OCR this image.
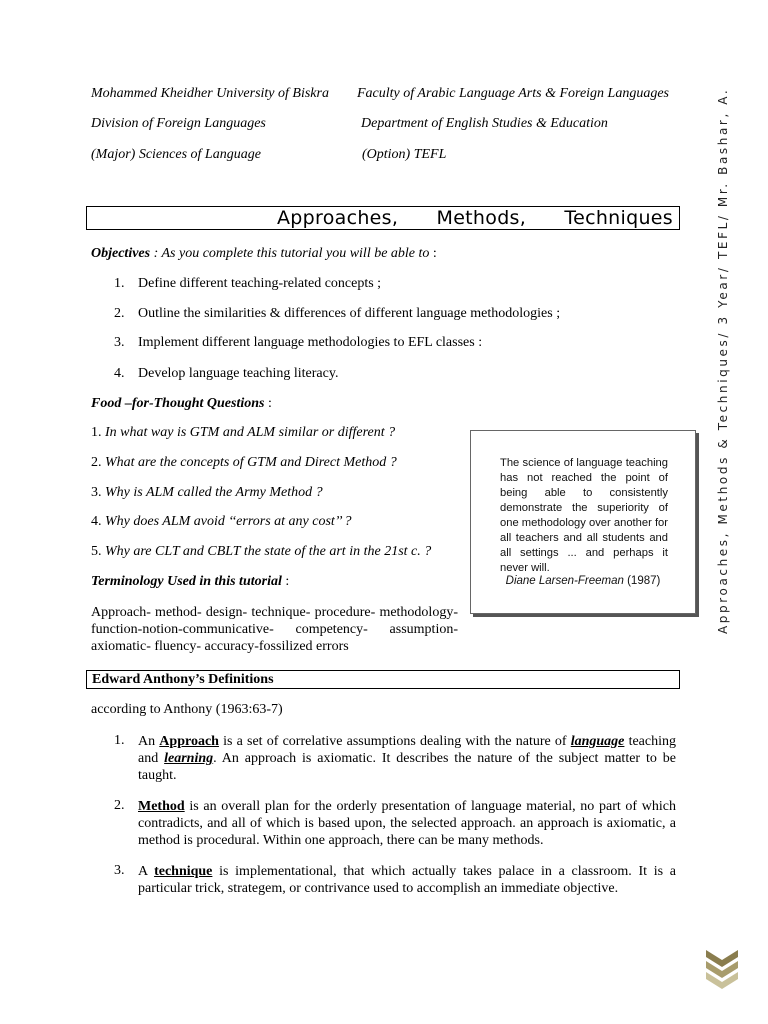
Mohammed Kheidher University of Biskra
Division of Foreign Languages
(Major) Sciences of Language
Faculty of Arabic Language Arts & Foreign Languages
Department of English Studies & Education
(Option) TEFL
Approaches, Methods, Techniques
Objectives : As you complete this tutorial you will be able to :
1. Define different teaching-related concepts ;
2. Outline the similarities & differences of different language methodologies ;
3. Implement different language methodologies to EFL classes :
4. Develop language teaching literacy.
Food –for-Thought Questions :
1. In what way is GTM and ALM similar or different ?
2. What are the concepts of GTM and Direct Method ?
3. Why is ALM called the Army Method ?
4. Why does ALM avoid ‘‘errors at any cost’’ ?
5. Why are CLT and CBLT the state of the art in the 21st c. ?
Terminology Used in this tutorial :
Approach- method- design- technique- procedure- methodology- function-notion-communicative- competency- assumption- axiomatic- fluency- accuracy-fossilized errors
The science of language teaching has not reached the point of being able to consistently demonstrate the superiority of one methodology over another for all teachers and all students and all settings ... and perhaps it never will.
Diane Larsen-Freeman (1987)
Edward Anthony’s Definitions
according to Anthony (1963:63-7)
1. An Approach is a set of correlative assumptions dealing with the nature of language teaching and learning. An approach is axiomatic. It describes the nature of the subject matter to be taught.
2. Method is an overall plan for the orderly presentation of language material, no part of which contradicts, and all of which is based upon, the selected approach. an approach is axiomatic, a method is procedural. Within one approach, there can be many methods.
3. A technique is implementational, that which actually takes palace in a classroom. It is a particular trick, strategem, or contrivance used to accomplish an immediate objective.
Approaches, Methods & Techniques/ 3 Year/ TEFL/ Mr. Bashar, A.
